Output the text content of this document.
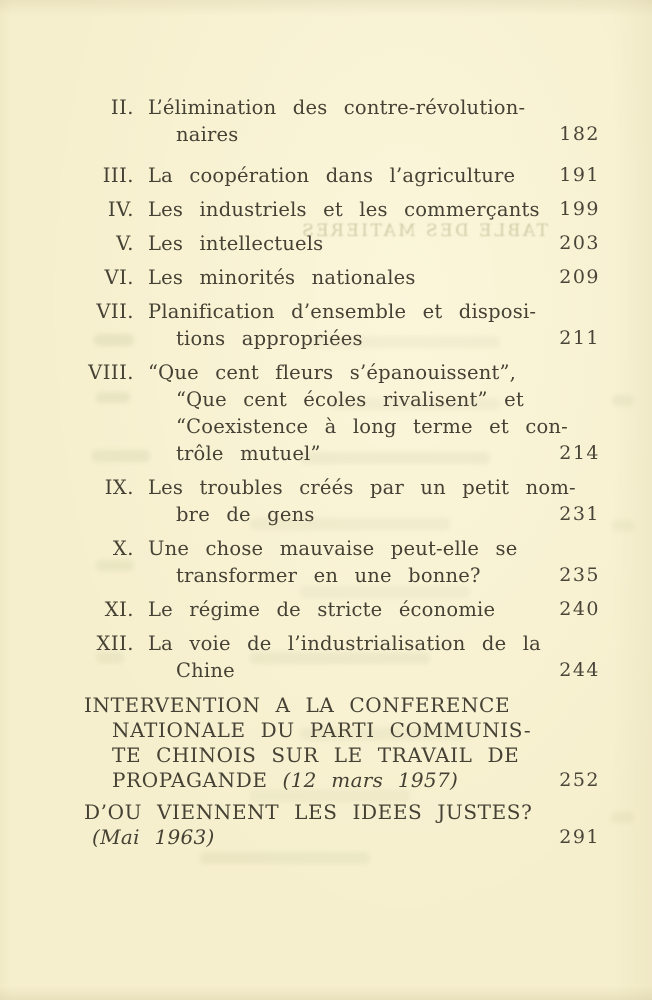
TABLE DES MATIERES
II. L’élimination des contre-révolution-
naires	182
III. La coopération dans l’agriculture	191
IV. Les industriels et les commerçants	199
V. Les intellectuels	203
VI. Les minorités nationales	209
VII. Planification d’ensemble et disposi-
tions appropriées	211
VIII. “Que cent fleurs s’épanouissent”,
“Que cent écoles rivalisent” et
“Coexistence à long terme et con-
trôle mutuel”	214
IX. Les troubles créés par un petit nom-
bre de gens	231
X. Une chose mauvaise peut-elle se
transformer en une bonne?	235
XI. Le régime de stricte économie	240
XII. La voie de l’industrialisation de la
Chine	244
INTERVENTION A LA CONFERENCE
NATIONALE DU PARTI COMMUNIS-
TE CHINOIS SUR LE TRAVAIL DE
PROPAGANDE (12 mars 1957)	252
D’OU VIENNENT LES IDEES JUSTES?
(Mai 1963)	291
